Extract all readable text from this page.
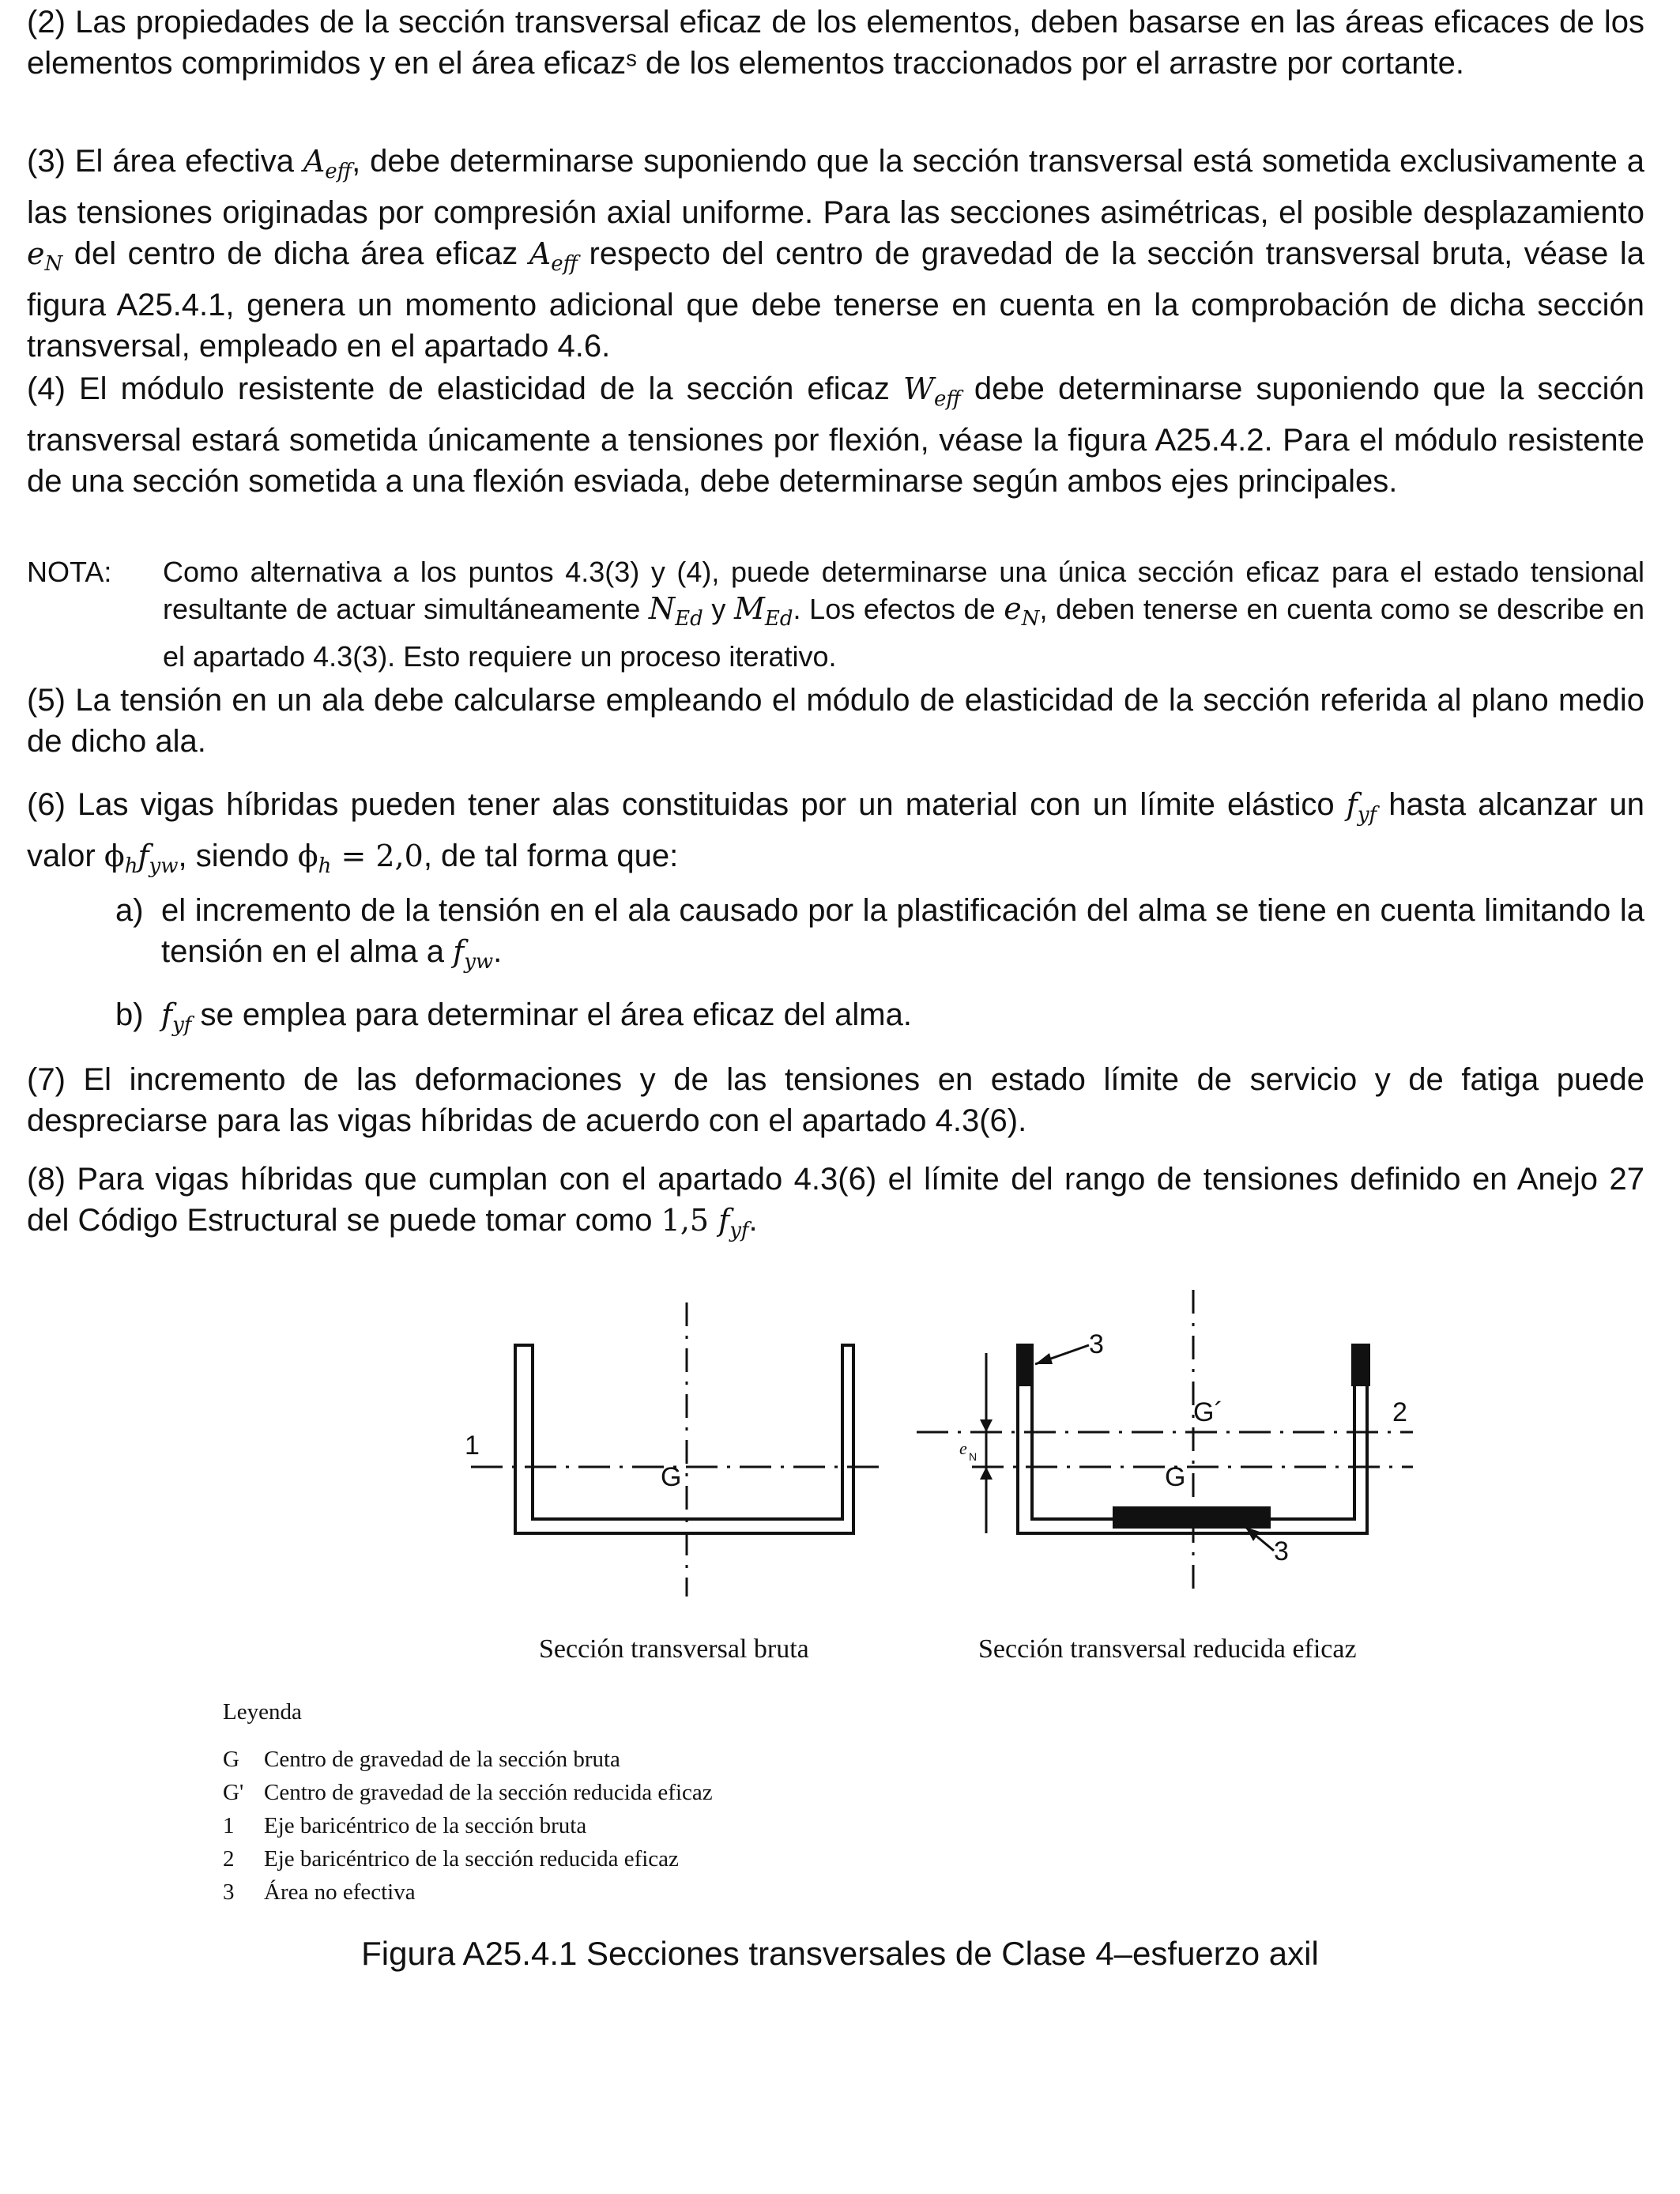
(2) Las propiedades de la sección transversal eficaz de los elementos, deben basarse en las áreas eficaces de los elementos comprimidos y en el área eficazˢ de los elementos traccionados por el arrastre por cortante.
(3) El área efectiva $A_{eff}$, debe determinarse suponiendo que la sección transversal está sometida exclusivamente a las tensiones originadas por compresión axial uniforme. Para las secciones asimétricas, el posible desplazamiento $e_N$ del centro de dicha área eficaz $A_{eff}$ respecto del centro de gravedad de la sección transversal bruta, véase la figura A25.4.1, genera un momento adicional que debe tenerse en cuenta en la comprobación de dicha sección transversal, empleado en el apartado 4.6.
(4) El módulo resistente de elasticidad de la sección eficaz $W_{eff}$ debe determinarse suponiendo que la sección transversal estará sometida únicamente a tensiones por flexión, véase la figura A25.4.2. Para el módulo resistente de una sección sometida a una flexión esviada, debe determinarse según ambos ejes principales.
NOTA: Como alternativa a los puntos 4.3(3) y (4), puede determinarse una única sección eficaz para el estado tensional resultante de actuar simultáneamente $N_{Ed}$ y $M_{Ed}$. Los efectos de $e_N$, deben tenerse en cuenta como se describe en el apartado 4.3(3). Esto requiere un proceso iterativo.
(5) La tensión en un ala debe calcularse empleando el módulo de elasticidad de la sección referida al plano medio de dicho ala.
(6) Las vigas híbridas pueden tener alas constituidas por un material con un límite elástico $f_{yf}$ hasta alcanzar un valor $\phi_hf_{yw}$, siendo $\phi_h = 2,0$, de tal forma que:
a) el incremento de la tensión en el ala causado por la plastificación del alma se tiene en cuenta limitando la tensión en el alma a $f_{yw}$.
b) $f_{yf}$ se emplea para determinar el área eficaz del alma.
(7) El incremento de las deformaciones y de las tensiones en estado límite de servicio y de fatiga puede despreciarse para las vigas híbridas de acuerdo con el apartado 4.3(6).
(8) Para vigas híbridas que cumplan con el apartado 4.3(6) el límite del rango de tensiones definido en Anejo 27 del Código Estructural se puede tomar como 1,5 $f_{yf}$.
1
G	G
G´	2
3
3
e N
Sección transversal bruta	Sección transversal reducida eficaz
Leyenda
G Centro de gravedad de la sección bruta
G' Centro de gravedad de la sección reducida eficaz
1 Eje baricéntrico de la sección bruta
2 Eje baricéntrico de la sección reducida eficaz
3 Área no efectiva
Figura A25.4.1 Secciones transversales de Clase 4–esfuerzo axil
